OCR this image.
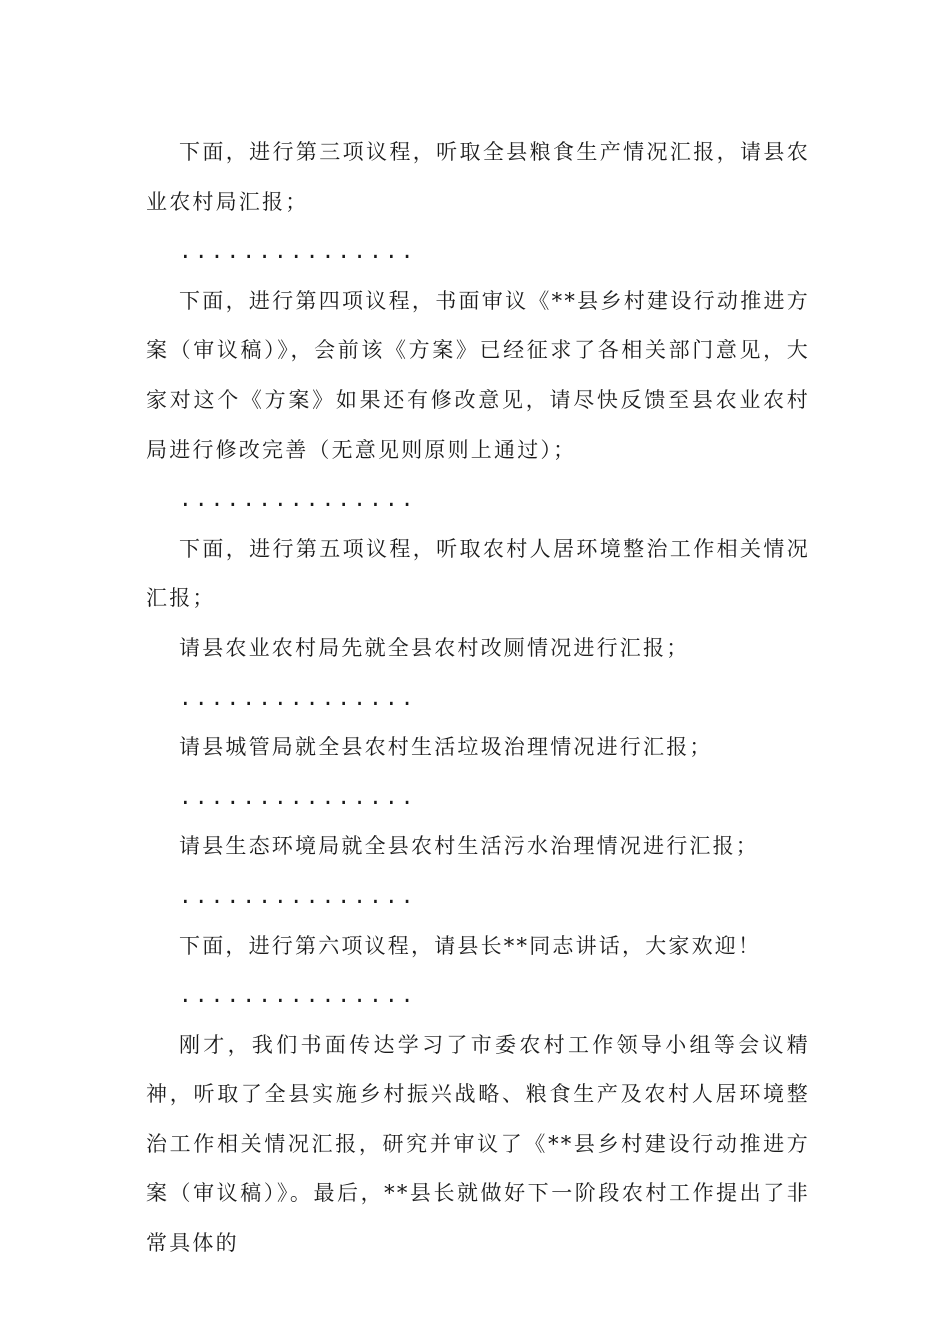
下面，进行第三项议程，听取全县粮食生产情况汇报，请县农业农村局汇报；

...............

下面，进行第四项议程，书面审议《**县乡村建设行动推进方案（审议稿）》，会前该《方案》已经征求了各相关部门意见，大家对这个《方案》如果还有修改意见，请尽快反馈至县农业农村局进行修改完善（无意见则原则上通过）；

...............

下面，进行第五项议程，听取农村人居环境整治工作相关情况汇报；

请县农业农村局先就全县农村改厕情况进行汇报；

...............

请县城管局就全县农村生活垃圾治理情况进行汇报；

...............

请县生态环境局就全县农村生活污水治理情况进行汇报；

...............

下面，进行第六项议程，请县长**同志讲话，大家欢迎！

...............

刚才，我们书面传达学习了市委农村工作领导小组等会议精神，听取了全县实施乡村振兴战略、粮食生产及农村人居环境整治工作相关情况汇报，研究并审议了《**县乡村建设行动推进方案（审议稿）》。最后，**县长就做好下一阶段农村工作提出了非常具体的
